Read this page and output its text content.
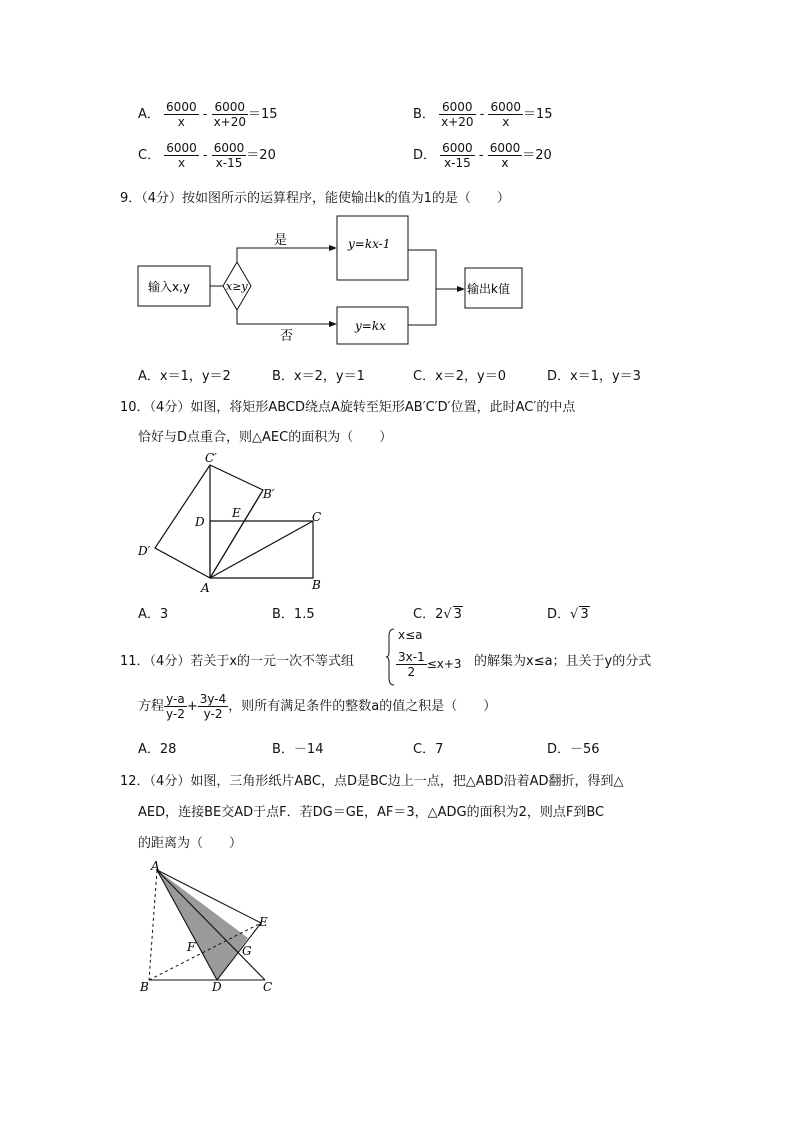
A． $\frac{6000}{x} - \frac{6000}{x+20} =15$	B． $\frac{6000}{x+20} - \frac{6000}{x} =15$
C． $\frac{6000}{x} - \frac{6000}{x-15} =20$	D． $\frac{6000}{x-15} - \frac{6000}{x} =20$
9．（4分）按如图所示的运算程序，能使输出k的值为1的是（　　）
输入x,y	x≥y
是
否
y=kx-1
y=kx
输出k值
A．x＝1，y＝2	B．x＝2，y＝1	C．x＝2，y＝0	D．x＝1，y＝3
10．（4分）如图，将矩形ABCD绕点A旋转至矩形AB′C′D′位置，此时AC′的中点
恰好与D点重合，则△AEC的面积为（　　）
C′
B′
D
E	C
D′
A	B
A．3	B．1.5	C．2√ 3	D．√ 3
11．（4分）若关于x的一元一次不等式组
x≤a
$\frac{3x-1}{2} \le x+3$ 的解集为x≤a；且关于y的分式
方程 $\frac{y-a}{y-2} + \frac{3y-4}{y-2}$ ，则所有满足条件的整数a的值之积是（　　）
A．28	B．－14	C．7	D．－56
12．（4分）如图，三角形纸片ABC，点D是BC边上一点，把△ABD沿着AD翻折，得到△
AED，连接BE交AD于点F．若DG＝GE，AF＝3，△ADG的面积为2，则点F到BC
的距离为（　　）
A
E
F	G
B	D	C
